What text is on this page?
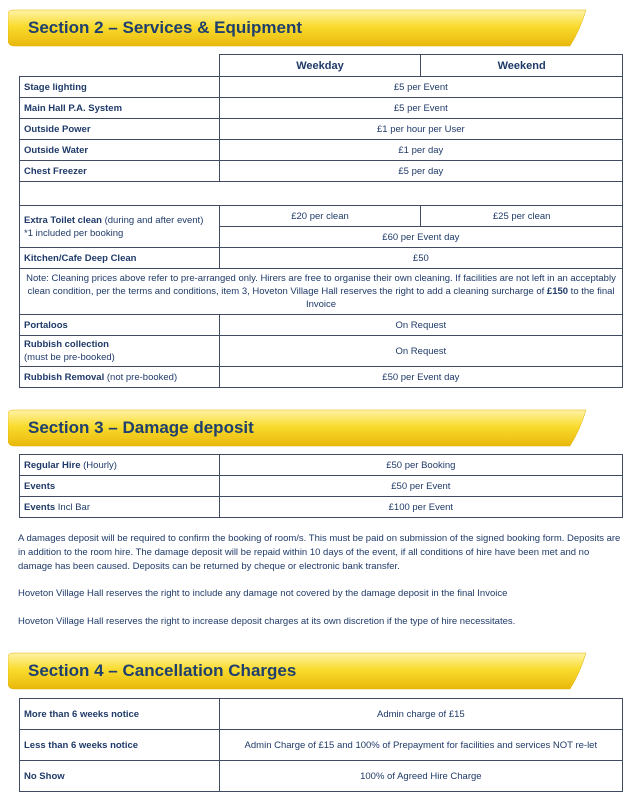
Section 2 – Services & Equipment
	Weekday	Weekend
Stage lighting	£5 per Event	
Main Hall P.A. System	£5 per Event	
Outside Power	£1 per hour per User	
Outside Water	£1 per day	
Chest Freezer	£5 per day	

Extra Toilet clean (during and after event)
*1 included per booking	£20 per clean	£25 per clean
	£60 per Event day	
Kitchen/Cafe Deep Clean	£50	
Note: Cleaning prices above refer to pre-arranged only. Hirers are free to organise their own cleaning. If facilities are not left in an acceptably clean condition, per the terms and conditions, item 3, Hoveton Village Hall reserves the right to add a cleaning surcharge of £150 to the final Invoice		
Portaloos	On Request	
Rubbish collection
(must be pre-booked)	On Request	
Rubbish Removal (not pre-booked)	£50 per Event day	
Section 3 – Damage deposit
Regular Hire (Hourly)	£50 per Booking
Events	£50 per Event
Events Incl Bar	£100 per Event
A damages deposit will be required to confirm the booking of room/s. This must be paid on submission of the signed booking form. Deposits are in addition to the room hire. The damage deposit will be repaid within 10 days of the event, if all conditions of hire have been met and no damage has been caused. Deposits can be returned by cheque or electronic bank transfer.
Hoveton Village Hall reserves the right to include any damage not covered by the damage deposit in the final Invoice
Hoveton Village Hall reserves the right to increase deposit charges at its own discretion if the type of hire necessitates.
Section 4 – Cancellation Charges
More than 6 weeks notice	Admin charge of £15
Less than 6 weeks notice	Admin Charge of £15 and 100% of Prepayment for facilities and services NOT re-let
No Show	100% of Agreed Hire Charge
